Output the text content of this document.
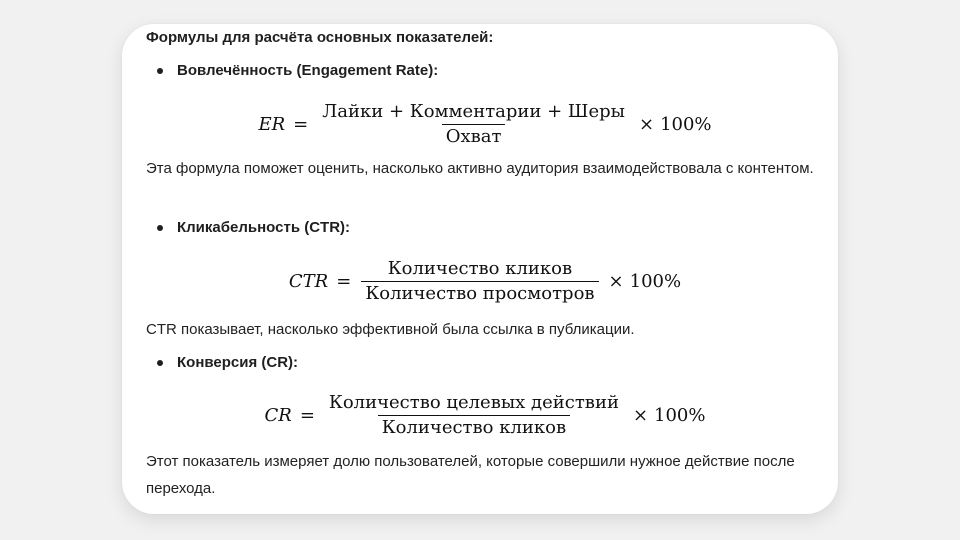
Формулы для расчёта основных показателей:
Вовлечённость (Engagement Rate):
ER = $\frac{\text{Лайки + Комментарии + Шеры}}{\text{Охват}} \times 100\%$
Эта формула поможет оценить, насколько активно аудитория взаимодействовала с контентом.
Кликабельность (CTR):
CTR = $\frac{\text{Количество кликов}}{\text{Количество просмотров}} \times 100\%$
CTR показывает, насколько эффективной была ссылка в публикации.
Конверсия (CR):
CR = $\frac{\text{Количество целевых действий}}{\text{Количество кликов}} \times 100\%$
Этот показатель измеряет долю пользователей, которые совершили нужное действие после перехода.
